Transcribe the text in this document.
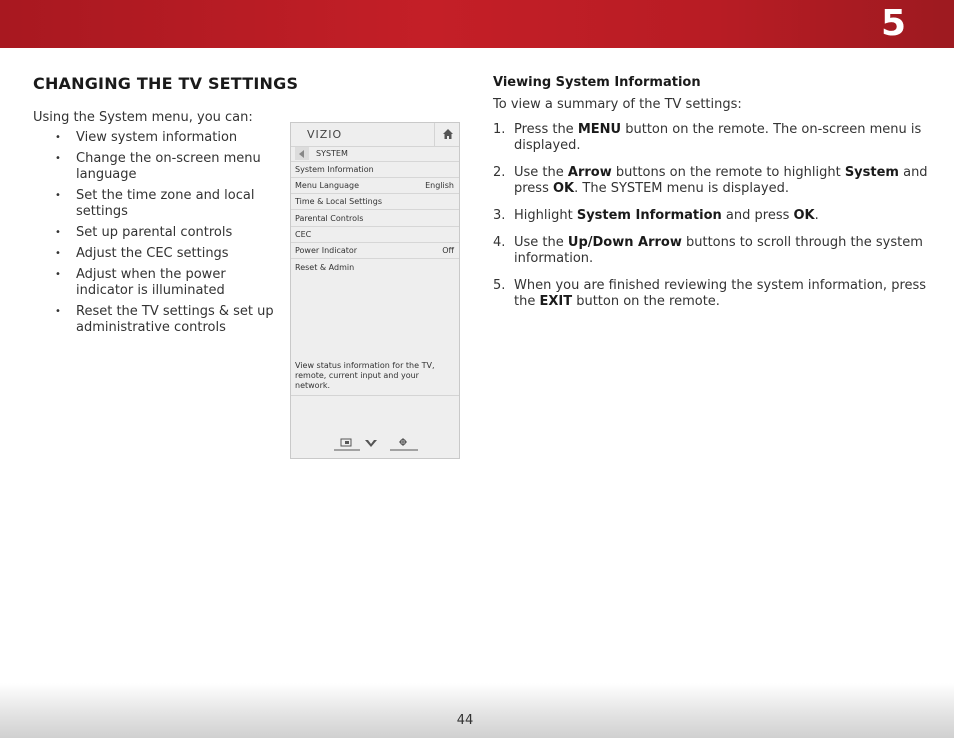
5
CHANGING THE TV SETTINGS
Using the System menu, you can:
• View system information
• Change the on-screen menu language
• Set the time zone and local settings
• Set up parental controls
• Adjust the CEC settings
• Adjust when the power indicator is illuminated
• Reset the TV settings & set up administrative controls
VIZIO
SYSTEM
System Information
Menu Language	English
Time & Local Settings
Parental Controls
CEC
Power Indicator	Off
Reset & Admin
View status information for the TV, remote, current input and your network.
Viewing System Information
To view a summary of the TV settings:
1. Press the MENU button on the remote. The on-screen menu is displayed.
2. Use the Arrow buttons on the remote to highlight System and press OK. The SYSTEM menu is displayed.
3. Highlight System Information and press OK.
4. Use the Up/Down Arrow buttons to scroll through the system information.
5. When you are finished reviewing the system information, press the EXIT button on the remote.
44
